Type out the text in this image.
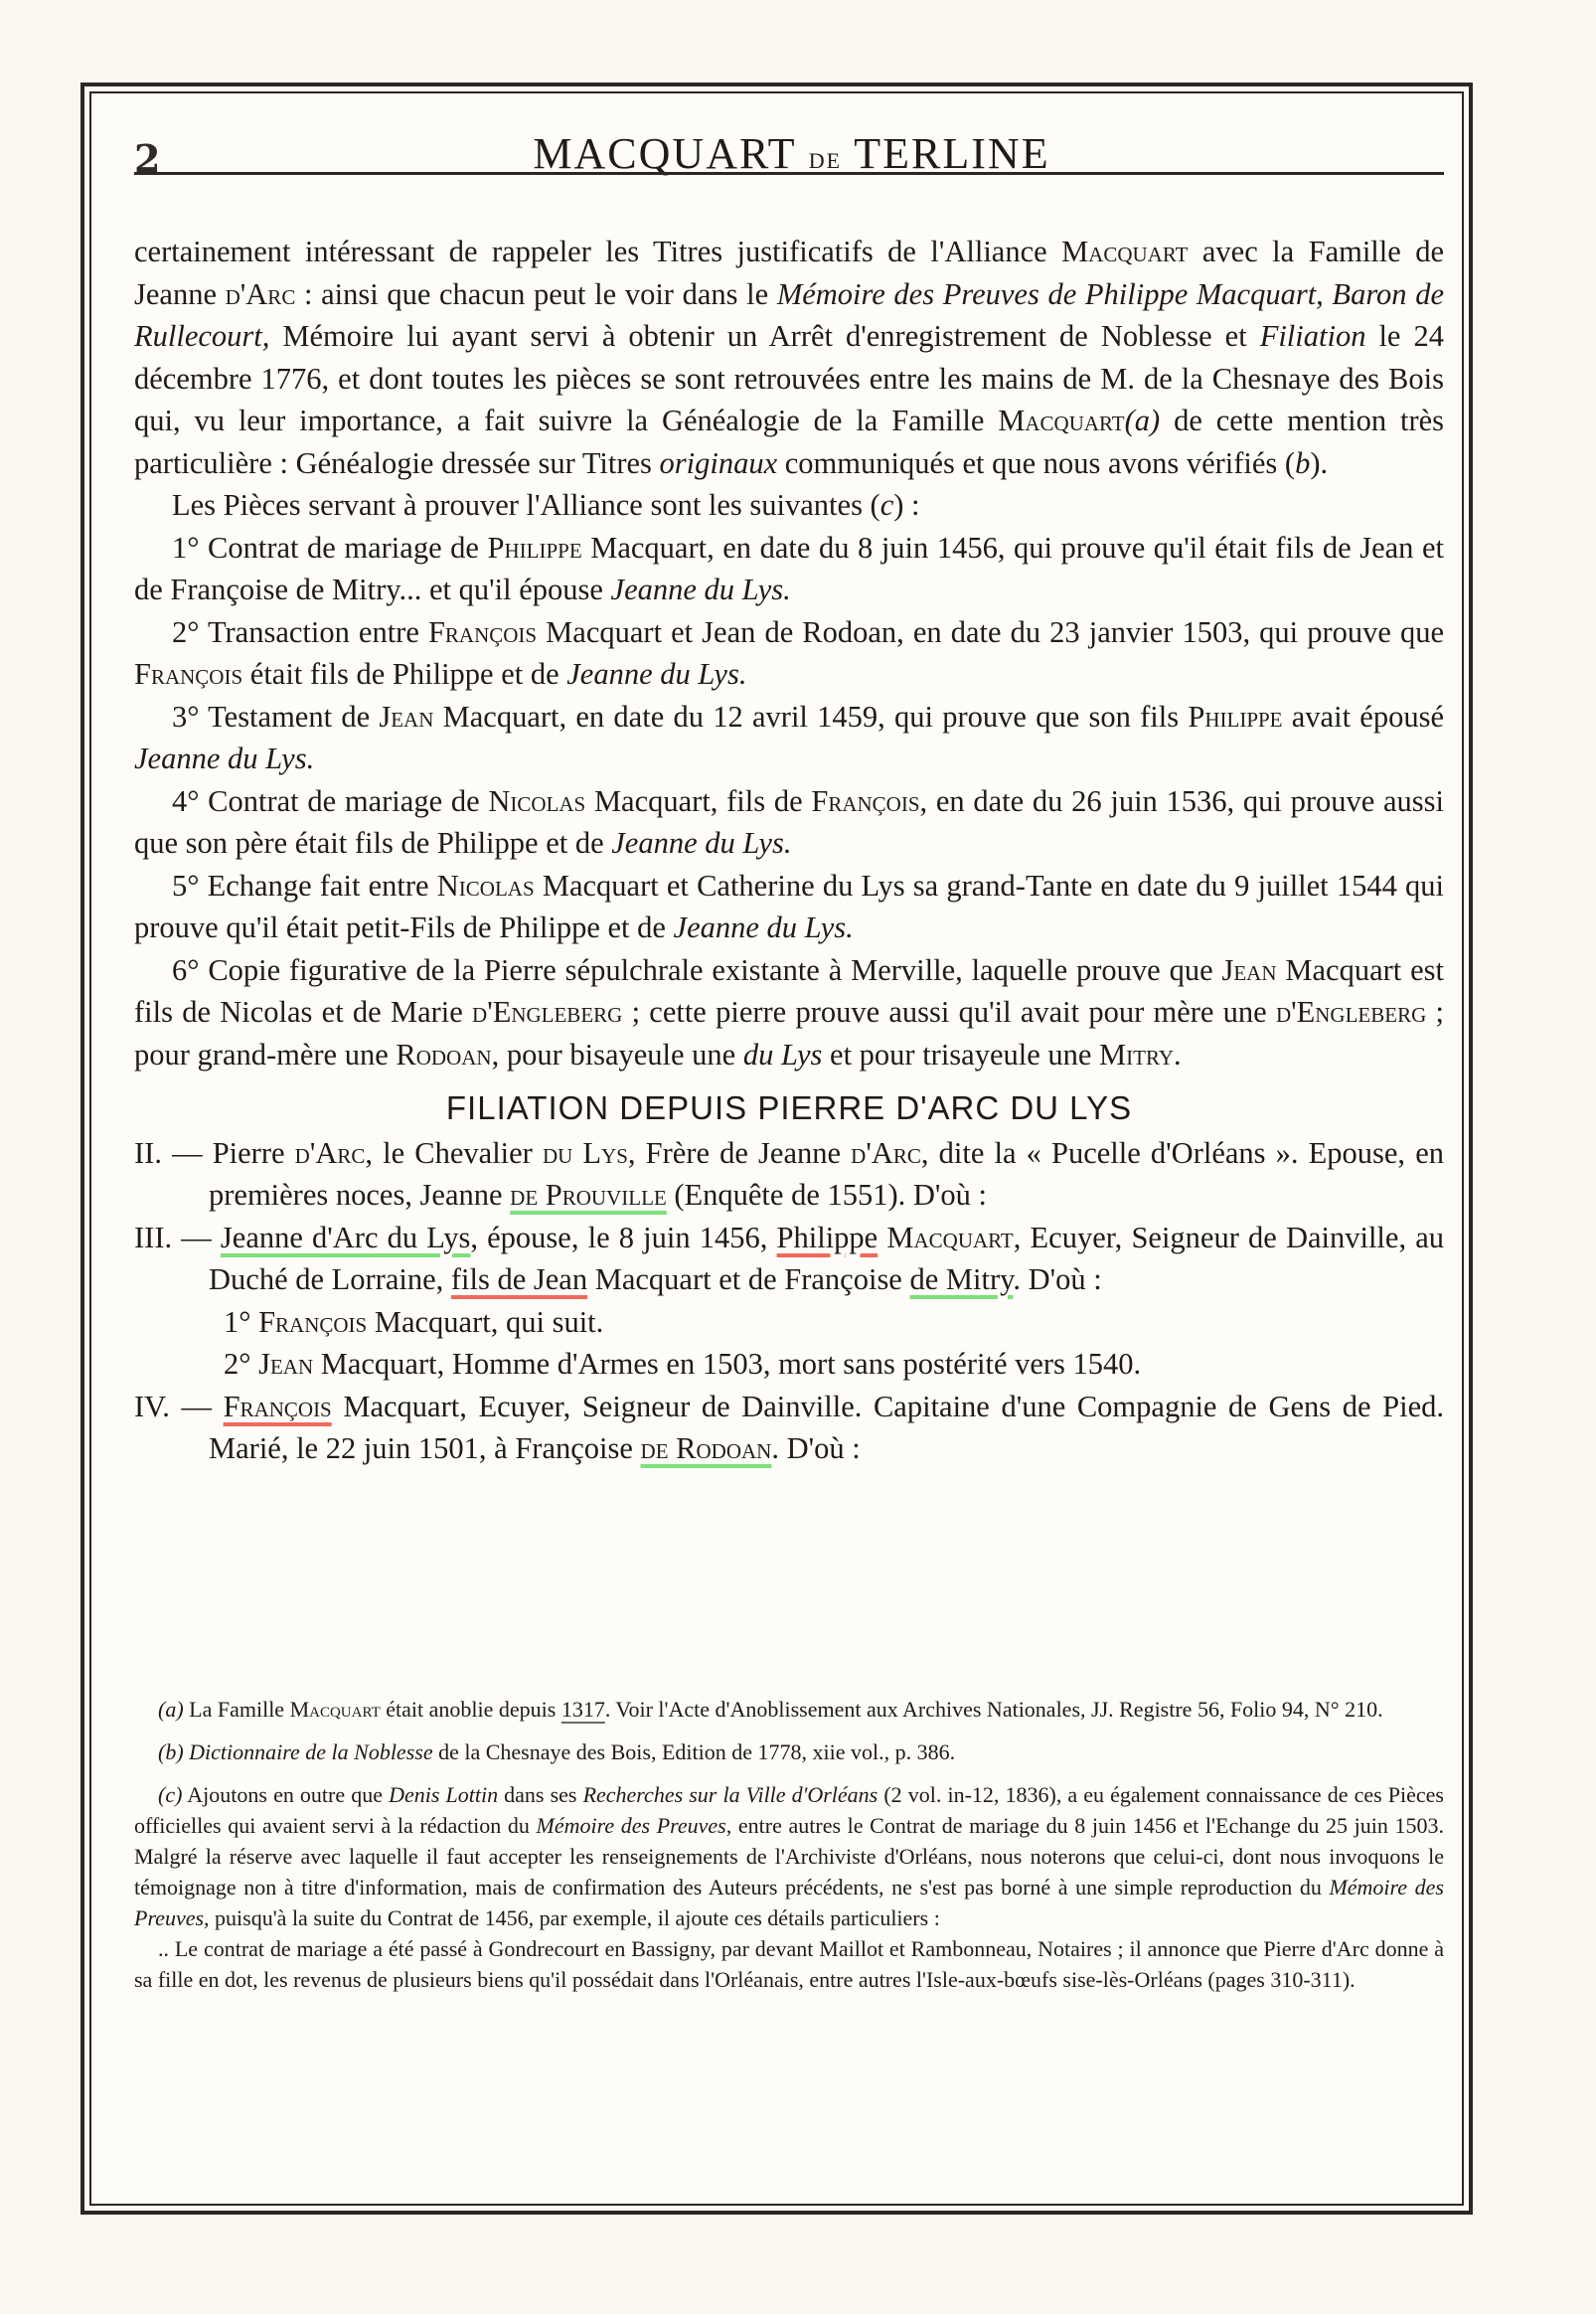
2	MACQUART de TERLINE

certainement intéressant de rappeler les Titres justificatifs de l'Alliance Macquart avec la Famille de Jeanne d'Arc : ainsi que chacun peut le voir dans le Mémoire des Preuves de Philippe Macquart, Baron de Rullecourt, Mémoire lui ayant servi à obtenir un Arrêt d'enregistrement de Noblesse et Filiation le 24 décembre 1776, et dont toutes les pièces se sont retrouvées entre les mains de M. de la Chesnaye des Bois qui, vu leur importance, a fait suivre la Généalogie de la Famille Macquart(a) de cette mention très particulière : Généalogie dressée sur Titres originaux communiqués et que nous avons vérifiés (b).

Les Pièces servant à prouver l'Alliance sont les suivantes (c) :

1° Contrat de mariage de Philippe Macquart, en date du 8 juin 1456, qui prouve qu'il était fils de Jean et de Françoise de Mitry... et qu'il épouse Jeanne du Lys.

2° Transaction entre François Macquart et Jean de Rodoan, en date du 23 janvier 1503, qui prouve que François était fils de Philippe et de Jeanne du Lys.

3° Testament de Jean Macquart, en date du 12 avril 1459, qui prouve que son fils Philippe avait épousé Jeanne du Lys.

4° Contrat de mariage de Nicolas Macquart, fils de François, en date du 26 juin 1536, qui prouve aussi que son père était fils de Philippe et de Jeanne du Lys.

5° Echange fait entre Nicolas Macquart et Catherine du Lys sa grand-Tante en date du 9 juillet 1544 qui prouve qu'il était petit-Fils de Philippe et de Jeanne du Lys.

6° Copie figurative de la Pierre sépulchrale existante à Merville, laquelle prouve que Jean Macquart est fils de Nicolas et de Marie d'Engleberg ; cette pierre prouve aussi qu'il avait pour mère une d'Engleberg ; pour grand-mère une Rodoan, pour bisayeule une du Lys et pour trisayeule une Mitry.

FILIATION DEPUIS PIERRE D'ARC DU LYS

II. — Pierre d'Arc, le Chevalier du Lys, Frère de Jeanne d'Arc, dite la « Pucelle d'Orléans ». Epouse, en premières noces, Jeanne de Prouville (Enquête de 1551). D'où :

III. — Jeanne d'Arc du Lys, épouse, le 8 juin 1456, Philippe Macquart, Ecuyer, Seigneur de Dainville, au Duché de Lorraine, fils de Jean Macquart et de Françoise de Mitry. D'où :

1° François Macquart, qui suit.

2° Jean Macquart, Homme d'Armes en 1503, mort sans postérité vers 1540.

IV. — François Macquart, Ecuyer, Seigneur de Dainville. Capitaine d'une Compagnie de Gens de Pied. Marié, le 22 juin 1501, à Françoise de Rodoan. D'où :

(a) La Famille Macquart était anoblie depuis 1317. Voir l'Acte d'Anoblissement aux Archives Nationales, JJ. Registre 56, Folio 94, N° 210.

(b) Dictionnaire de la Noblesse de la Chesnaye des Bois, Edition de 1778, xiie vol., p. 386.

(c) Ajoutons en outre que Denis Lottin dans ses Recherches sur la Ville d'Orléans (2 vol. in-12, 1836), a eu également connaissance de ces Pièces officielles qui avaient servi à la rédaction du Mémoire des Preuves, entre autres le Contrat de mariage du 8 juin 1456 et l'Echange du 25 juin 1503. Malgré la réserve avec laquelle il faut accepter les renseignements de l'Archiviste d'Orléans, nous noterons que celui-ci, dont nous invoquons le témoignage non à titre d'information, mais de confirmation des Auteurs précédents, ne s'est pas borné à une simple reproduction du Mémoire des Preuves, puisqu'à la suite du Contrat de 1456, par exemple, il ajoute ces détails particuliers :

.. Le contrat de mariage a été passé à Gondrecourt en Bassigny, par devant Maillot et Rambonneau, Notaires ; il annonce que Pierre d'Arc donne à sa fille en dot, les revenus de plusieurs biens qu'il possédait dans l'Orléanais, entre autres l'Isle-aux-bœufs sise-lès-Orléans (pages 310-311).
